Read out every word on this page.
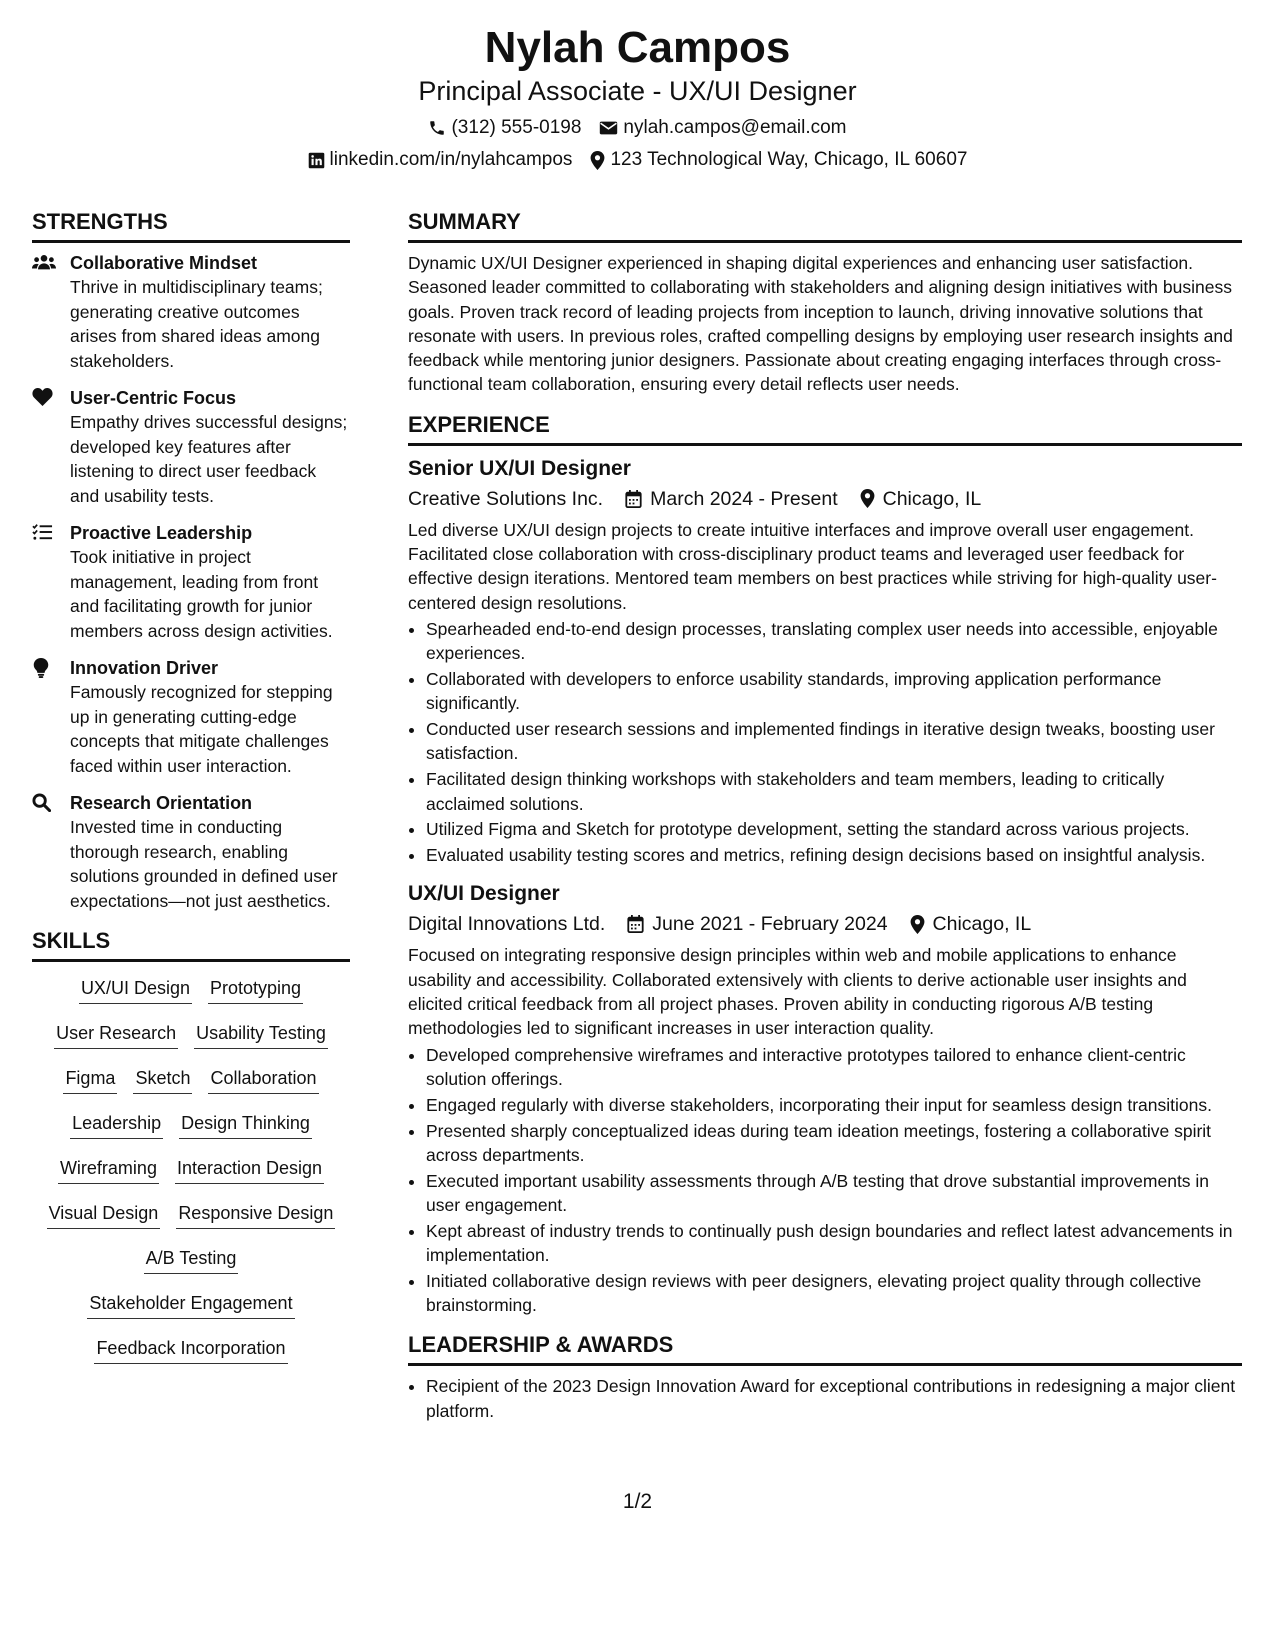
Nylah Campos
Principal Associate - UX/UI Designer
(312) 555-0198 nylah.campos@email.com
linkedin.com/in/nylahcampos 123 Technological Way, Chicago, IL 60607
STRENGTHS
Collaborative Mindset
Thrive in multidisciplinary teams; generating creative outcomes arises from shared ideas among stakeholders.
User-Centric Focus
Empathy drives successful designs; developed key features after listening to direct user feedback and usability tests.
Proactive Leadership
Took initiative in project management, leading from front and facilitating growth for junior members across design activities.
Innovation Driver
Famously recognized for stepping up in generating cutting-edge concepts that mitigate challenges faced within user interaction.
Research Orientation
Invested time in conducting thorough research, enabling solutions grounded in defined user expectations—not just aesthetics.
SKILLS
UX/UI Design Prototyping
User Research Usability Testing
Figma Sketch Collaboration
Leadership Design Thinking
Wireframing Interaction Design
Visual Design Responsive Design
A/B Testing
Stakeholder Engagement
Feedback Incorporation
SUMMARY
Dynamic UX/UI Designer experienced in shaping digital experiences and enhancing user satisfaction. Seasoned leader committed to collaborating with stakeholders and aligning design initiatives with business goals. Proven track record of leading projects from inception to launch, driving innovative solutions that resonate with users. In previous roles, crafted compelling designs by employing user research insights and feedback while mentoring junior designers. Passionate about creating engaging interfaces through cross-functional team collaboration, ensuring every detail reflects user needs.
EXPERIENCE
Senior UX/UI Designer
Creative Solutions Inc. March 2024 - Present Chicago, IL
Led diverse UX/UI design projects to create intuitive interfaces and improve overall user engagement. Facilitated close collaboration with cross-disciplinary product teams and leveraged user feedback for effective design iterations. Mentored team members on best practices while striving for high-quality user-centered design resolutions.
• Spearheaded end-to-end design processes, translating complex user needs into accessible, enjoyable experiences.
• Collaborated with developers to enforce usability standards, improving application performance significantly.
• Conducted user research sessions and implemented findings in iterative design tweaks, boosting user satisfaction.
• Facilitated design thinking workshops with stakeholders and team members, leading to critically acclaimed solutions.
• Utilized Figma and Sketch for prototype development, setting the standard across various projects.
• Evaluated usability testing scores and metrics, refining design decisions based on insightful analysis.
UX/UI Designer
Digital Innovations Ltd. June 2021 - February 2024 Chicago, IL
Focused on integrating responsive design principles within web and mobile applications to enhance usability and accessibility. Collaborated extensively with clients to derive actionable user insights and elicited critical feedback from all project phases. Proven ability in conducting rigorous A/B testing methodologies led to significant increases in user interaction quality.
• Developed comprehensive wireframes and interactive prototypes tailored to enhance client-centric solution offerings.
• Engaged regularly with diverse stakeholders, incorporating their input for seamless design transitions.
• Presented sharply conceptualized ideas during team ideation meetings, fostering a collaborative spirit across departments.
• Executed important usability assessments through A/B testing that drove substantial improvements in user engagement.
• Kept abreast of industry trends to continually push design boundaries and reflect latest advancements in implementation.
• Initiated collaborative design reviews with peer designers, elevating project quality through collective brainstorming.
LEADERSHIP & AWARDS
• Recipient of the 2023 Design Innovation Award for exceptional contributions in redesigning a major client platform.
1/2
